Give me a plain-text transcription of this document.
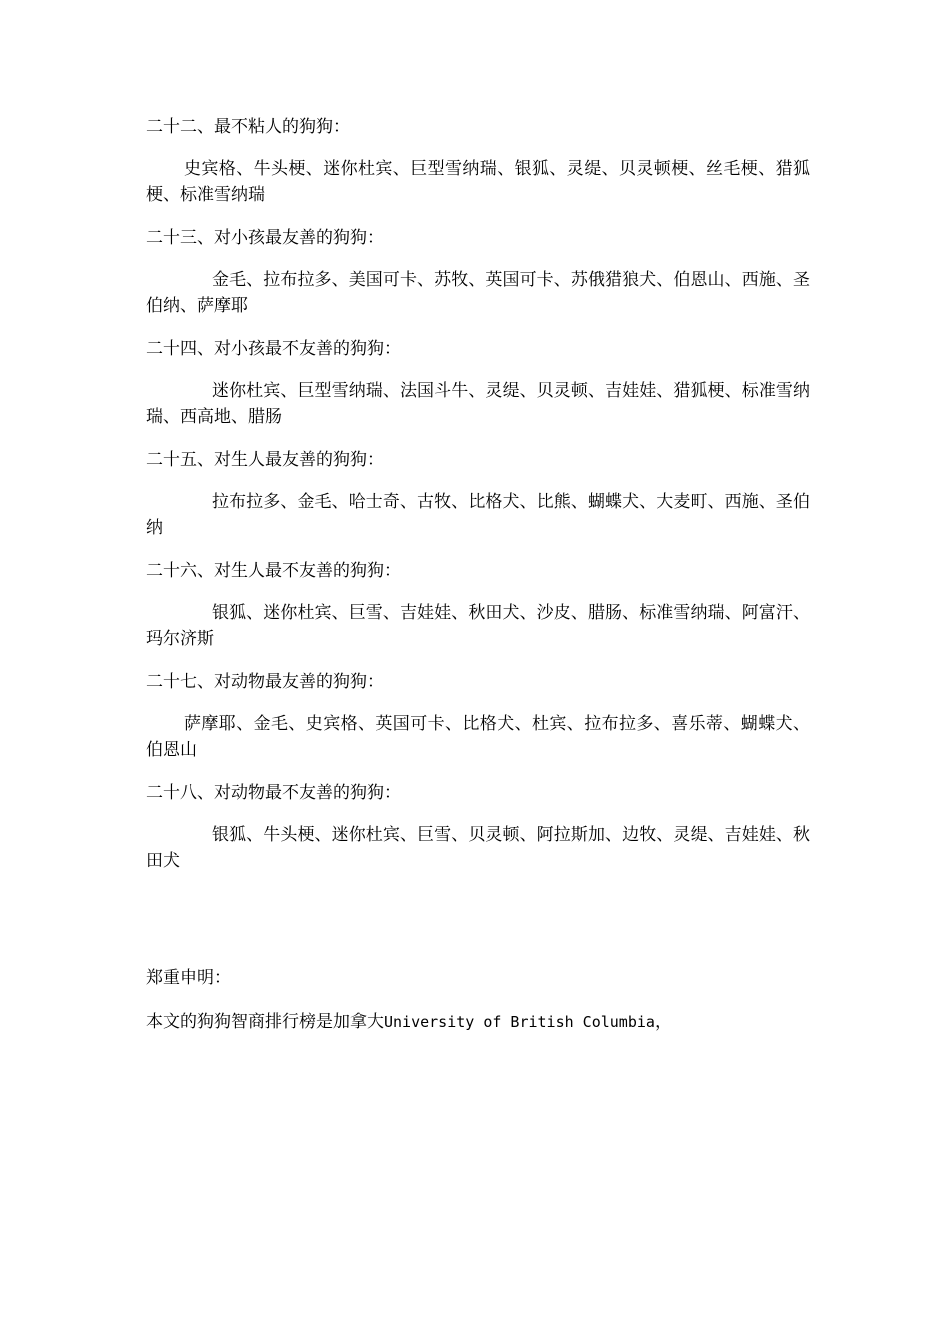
二十二、最不粘人的狗狗：
史宾格、牛头梗、迷你杜宾、巨型雪纳瑞、银狐、灵缇、贝灵顿梗、丝毛梗、猎狐梗、标准雪纳瑞
二十三、对小孩最友善的狗狗：
金毛、拉布拉多、美国可卡、苏牧、英国可卡、苏俄猎狼犬、伯恩山、西施、圣伯纳、萨摩耶
二十四、对小孩最不友善的狗狗：
迷你杜宾、巨型雪纳瑞、法国斗牛、灵缇、贝灵顿、吉娃娃、猎狐梗、标准雪纳瑞、西高地、腊肠
二十五、对生人最友善的狗狗：
拉布拉多、金毛、哈士奇、古牧、比格犬、比熊、蝴蝶犬、大麦町、西施、圣伯纳
二十六、对生人最不友善的狗狗：
银狐、迷你杜宾、巨雪、吉娃娃、秋田犬、沙皮、腊肠、标准雪纳瑞、阿富汗、玛尔济斯
二十七、对动物最友善的狗狗：
萨摩耶、金毛、史宾格、英国可卡、比格犬、杜宾、拉布拉多、喜乐蒂、蝴蝶犬、伯恩山
二十八、对动物最不友善的狗狗：
银狐、牛头梗、迷你杜宾、巨雪、贝灵顿、阿拉斯加、边牧、灵缇、吉娃娃、秋田犬
郑重申明：
本文的狗狗智商排行榜是加拿大University of British Columbia，
